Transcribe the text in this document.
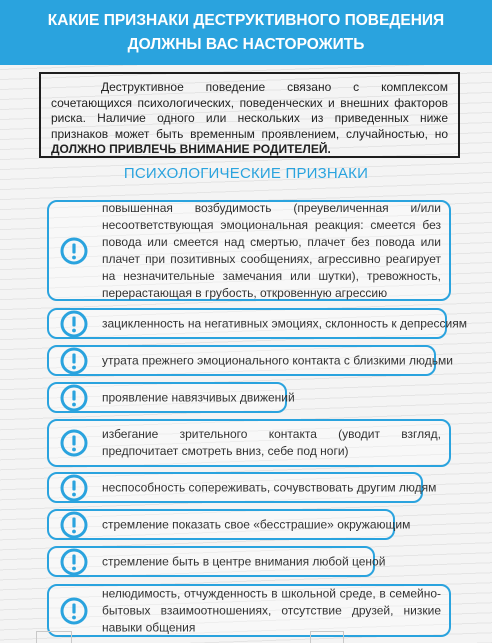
КАКИЕ ПРИЗНАКИ ДЕСТРУКТИВНОГО ПОВЕДЕНИЯ
ДОЛЖНЫ ВАС НАСТОРОЖИТЬ
Деструктивное поведение связано с комплексом сочетающихся психологических, поведенческих и внешних факторов риска. Наличие одного или нескольких из приведенных ниже признаков может быть временным проявлением, случайностью, но ДОЛЖНО ПРИВЛЕЧЬ ВНИМАНИЕ РОДИТЕЛЕЙ.
ПСИХОЛОГИЧЕСКИЕ ПРИЗНАКИ
повышенная возбудимость (преувеличенная и/или несоответствующая эмоциональная реакция: смеется без повода или смеется над смертью, плачет без повода или плачет при позитивных сообщениях, агрессивно реагирует на незначительные замечания или шутки), тревожность, перерастающая в грубость, откровенную агрессию
зацикленность на негативных эмоциях, склонность к депрессиям
утрата прежнего эмоционального контакта с близкими людьми
проявление навязчивых движений
избегание зрительного контакта (уводит взгляд, предпочитает смотреть вниз, себе под ноги)
неспособность сопереживать, сочувствовать другим людям
стремление показать свое «бесстрашие» окружающим
стремление быть в центре внимания любой ценой
нелюдимость, отчужденность в школьной среде, в семейно-бытовых взаимоотношениях, отсутствие друзей, низкие навыки общения
